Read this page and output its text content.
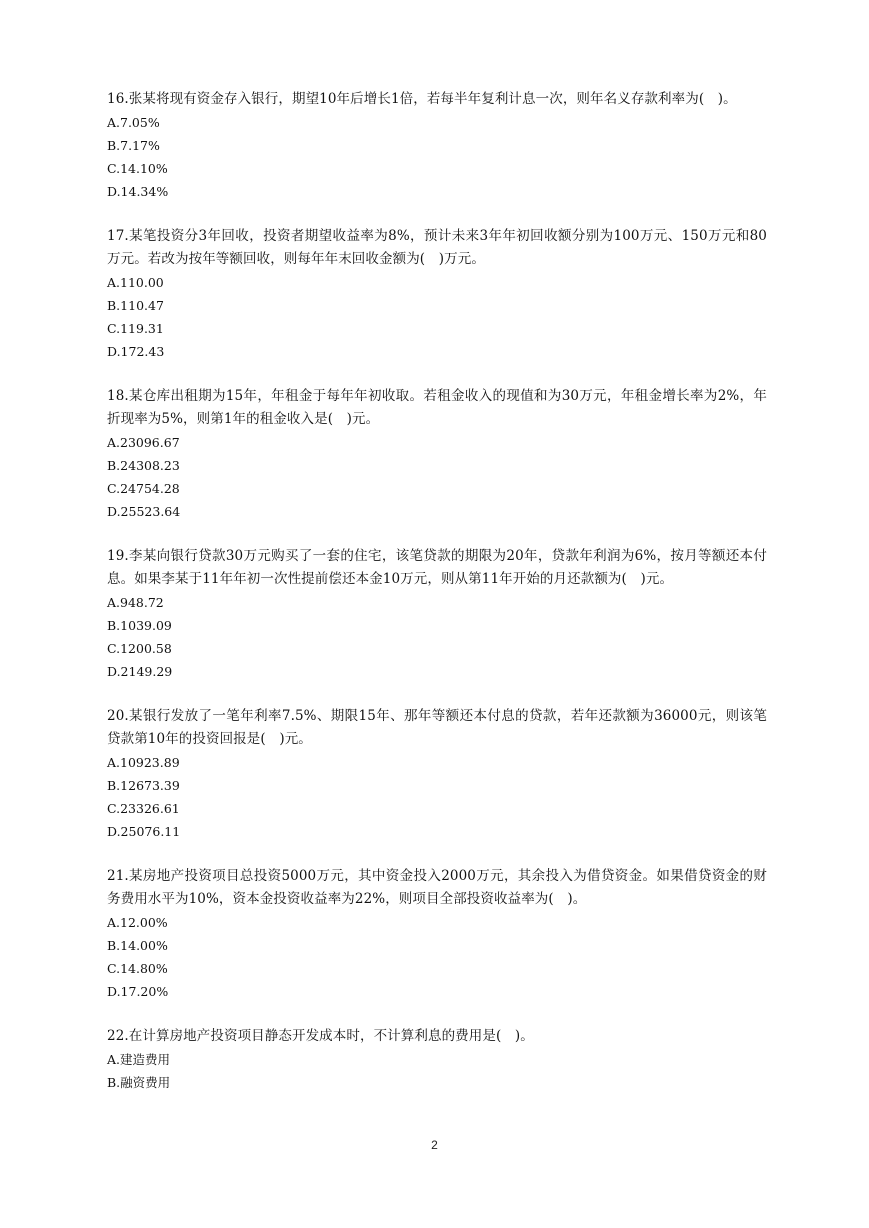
16.张某将现有资金存入银行，期望10年后增长1倍，若每半年复利计息一次，则年名义存款利率为(　)。

A.7.05%

B.7.17%

C.14.10%

D.14.34%

17.某笔投资分3年回收，投资者期望收益率为8%，预计未来3年年初回收额分别为100万元、150万元和80万元。若改为按年等额回收，则每年年末回收金额为(　)万元。

A.110.00

B.110.47

C.119.31

D.172.43

18.某仓库出租期为15年，年租金于每年年初收取。若租金收入的现值和为30万元，年租金增长率为2%，年折现率为5%，则第1年的租金收入是(　)元。

A.23096.67

B.24308.23

C.24754.28

D.25523.64

19.李某向银行贷款30万元购买了一套的住宅，该笔贷款的期限为20年，贷款年利润为6%，按月等额还本付息。如果李某于11年年初一次性提前偿还本金10万元，则从第11年开始的月还款额为(　)元。

A.948.72

B.1039.09

C.1200.58

D.2149.29

20.某银行发放了一笔年利率7.5%、期限15年、那年等额还本付息的贷款，若年还款额为36000元，则该笔贷款第10年的投资回报是(　)元。

A.10923.89

B.12673.39

C.23326.61

D.25076.11

21.某房地产投资项目总投资5000万元，其中资金投入2000万元，其余投入为借贷资金。如果借贷资金的财务费用水平为10%，资本金投资收益率为22%，则项目全部投资收益率为(　)。

A.12.00%

B.14.00%

C.14.80%

D.17.20%

22.在计算房地产投资项目静态开发成本时，不计算利息的费用是(　)。

A.建造费用

B.融资费用

2
